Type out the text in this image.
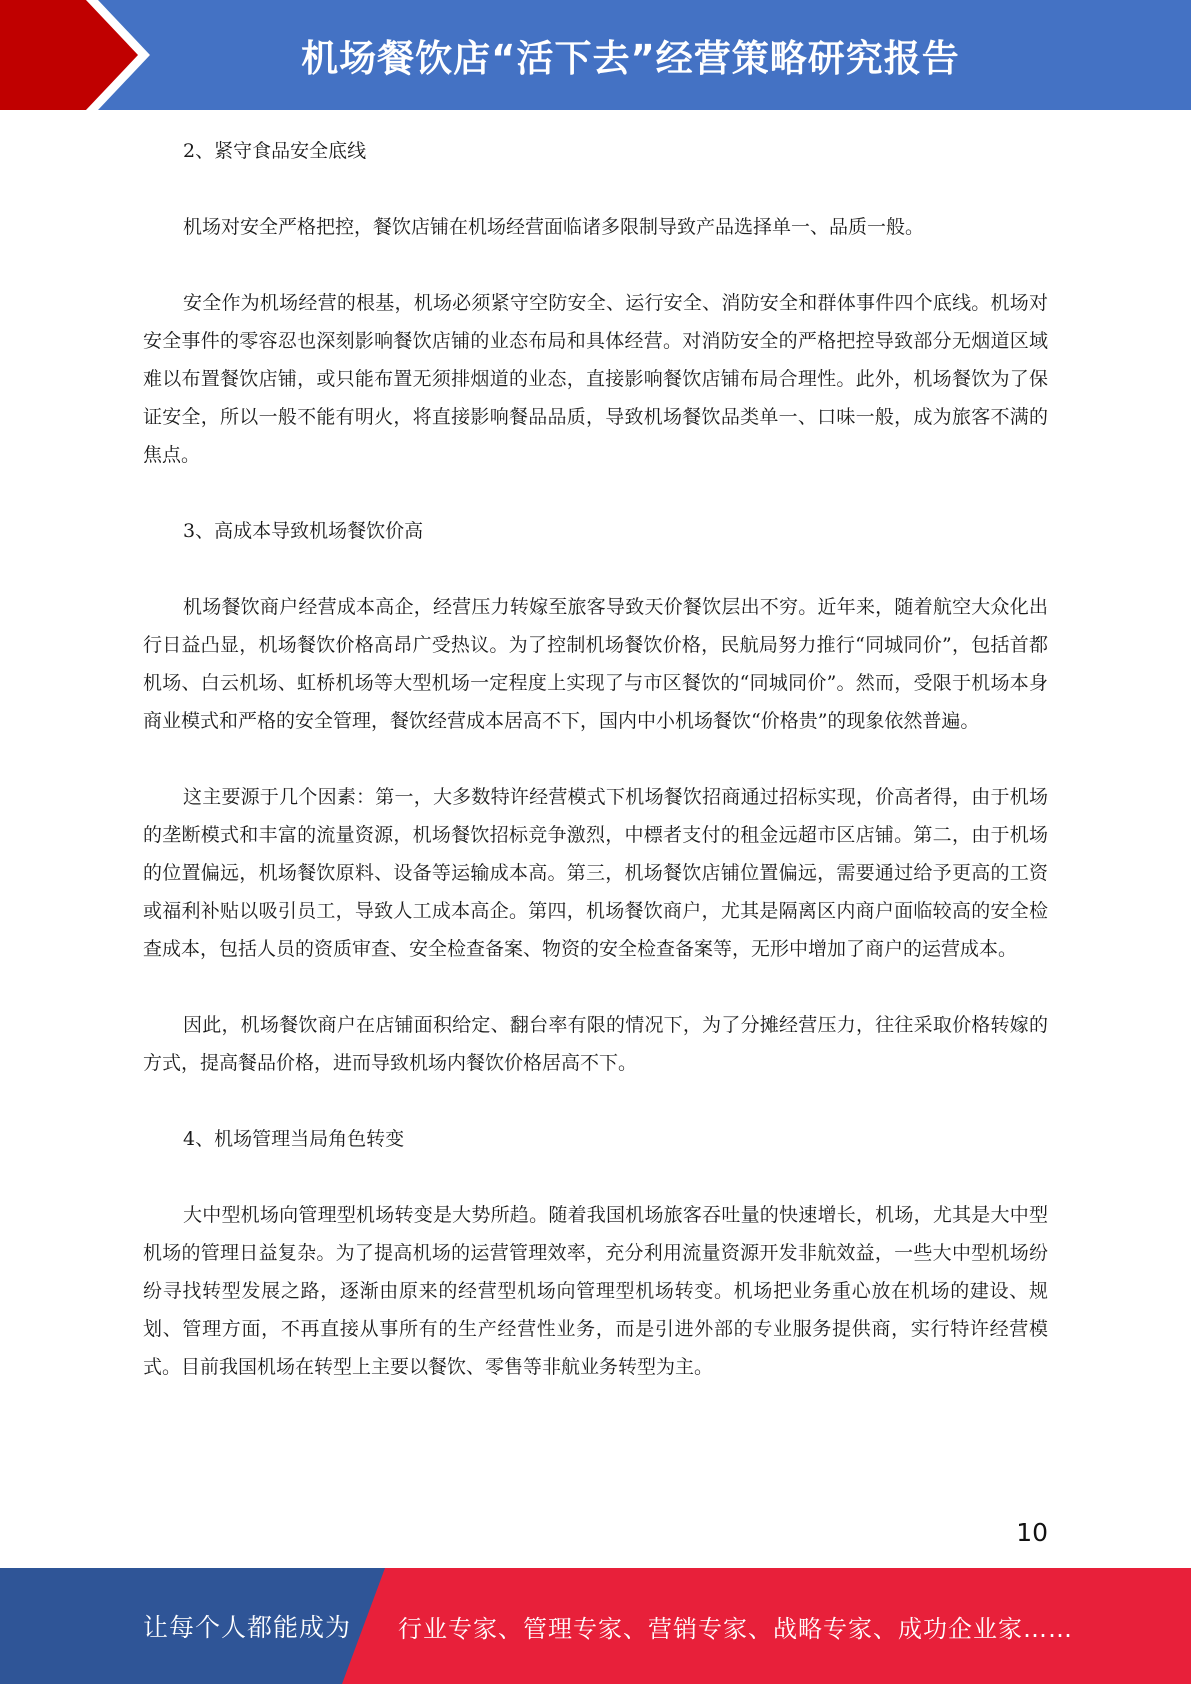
机场餐饮店“活下去”经营策略研究报告

2、紧守食品安全底线

机场对安全严格把控，餐饮店铺在机场经营面临诸多限制导致产品选择单一、品质一般。

安全作为机场经营的根基，机场必须紧守空防安全、运行安全、消防安全和群体事件四个底线。机场对安全事件的零容忍也深刻影响餐饮店铺的业态布局和具体经营。对消防安全的严格把控导致部分无烟道区域难以布置餐饮店铺，或只能布置无须排烟道的业态，直接影响餐饮店铺布局合理性。此外，机场餐饮为了保证安全，所以一般不能有明火，将直接影响餐品品质，导致机场餐饮品类单一、口味一般，成为旅客不满的焦点。

3、高成本导致机场餐饮价高

机场餐饮商户经营成本高企，经营压力转嫁至旅客导致天价餐饮层出不穷。近年来，随着航空大众化出行日益凸显，机场餐饮价格高昂广受热议。为了控制机场餐饮价格，民航局努力推行“同城同价”，包括首都机场、白云机场、虹桥机场等大型机场一定程度上实现了与市区餐饮的“同城同价”。然而，受限于机场本身商业模式和严格的安全管理，餐饮经营成本居高不下，国内中小机场餐饮“价格贵”的现象依然普遍。

这主要源于几个因素：第一，大多数特许经营模式下机场餐饮招商通过招标实现，价高者得，由于机场的垄断模式和丰富的流量资源，机场餐饮招标竞争激烈，中標者支付的租金远超市区店铺。第二，由于机场的位置偏远，机场餐饮原料、设备等运输成本高。第三，机场餐饮店铺位置偏远，需要通过给予更高的工资或福利补贴以吸引员工，导致人工成本高企。第四，机场餐饮商户，尤其是隔离区内商户面临较高的安全检查成本，包括人员的资质审查、安全检查备案、物资的安全检查备案等，无形中增加了商户的运营成本。

因此，机场餐饮商户在店铺面积给定、翻台率有限的情况下，为了分摊经营压力，往往采取价格转嫁的方式，提高餐品价格，进而导致机场内餐饮价格居高不下。

4、机场管理当局角色转变

大中型机场向管理型机场转变是大势所趋。随着我国机场旅客吞吐量的快速增长，机场，尤其是大中型机场的管理日益复杂。为了提高机场的运营管理效率，充分利用流量资源开发非航效益，一些大中型机场纷纷寻找转型发展之路，逐渐由原来的经营型机场向管理型机场转变。机场把业务重心放在机场的建设、规划、管理方面，不再直接从事所有的生产经营性业务，而是引进外部的专业服务提供商，实行特许经营模式。目前我国机场在转型上主要以餐饮、零售等非航业务转型为主。

10
让每个人都能成为 行业专家、管理专家、营销专家、战略专家、成功企业家……
